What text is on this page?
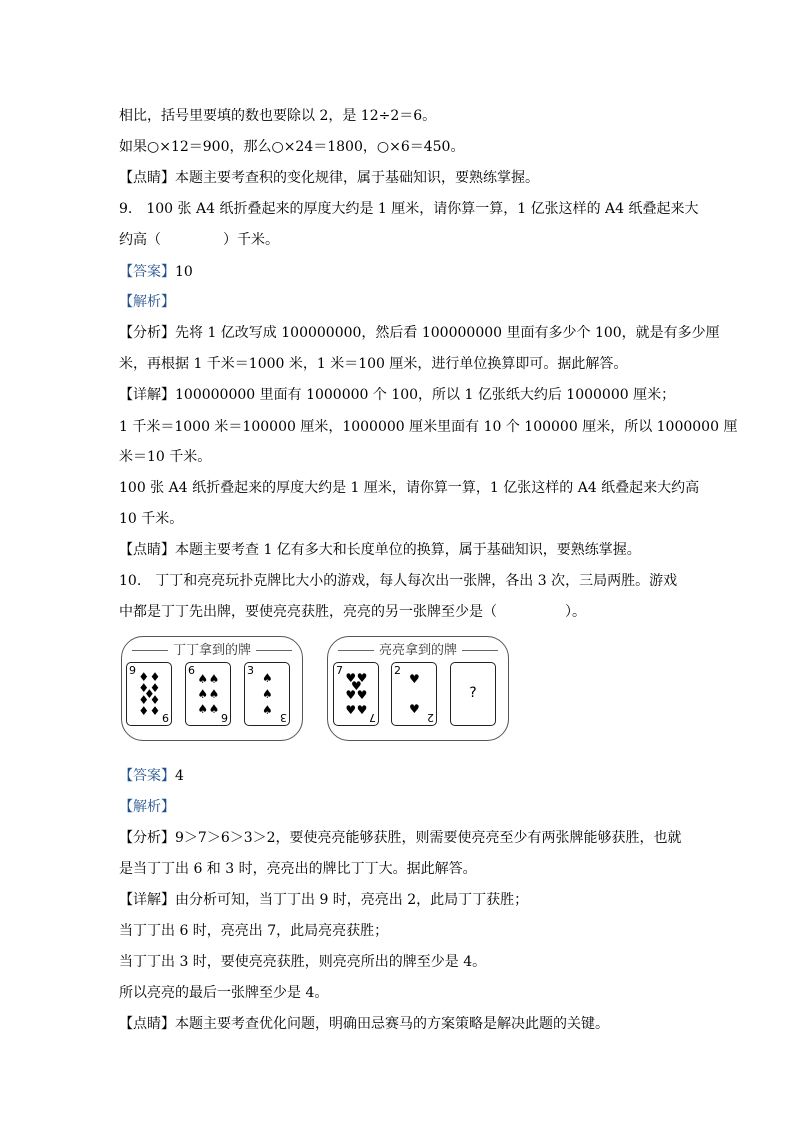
相比，括号里要填的数也要除以 2，是 12÷2＝6。

如果○×12＝900，那么○×24＝1800，○×6＝450。

【点睛】本题主要考查积的变化规律，属于基础知识，要熟练掌握。

9.　100 张 A4 纸折叠起来的厚度大约是 1 厘米，请你算一算，1 亿张这样的 A4 纸叠起来大

约高（	）千米。

【答案】10

【解析】

【分析】先将 1 亿改写成 100000000，然后看 100000000 里面有多少个 100，就是有多少厘

米，再根据 1 千米＝1000 米，1 米＝100 厘米，进行单位换算即可。据此解答。

【详解】100000000 里面有 1000000 个 100，所以 1 亿张纸大约后 1000000 厘米；

1 千米＝1000 米＝100000 厘米，1000000 厘米里面有 10 个 100000 厘米，所以 1000000 厘

米＝10 千米。

100 张 A4 纸折叠起来的厚度大约是 1 厘米，请你算一算，1 亿张这样的 A4 纸叠起来大约高

10 千米。

【点睛】本题主要考查 1 亿有多大和长度单位的换算，属于基础知识，要熟练掌握。

10.　丁丁和亮亮玩扑克牌比大小的游戏，每人每次出一张牌，各出 3 次，三局两胜。游戏

中都是丁丁先出牌，要使亮亮获胜，亮亮的另一张牌至少是（	）。

【答案】4

【解析】

【分析】9＞7＞6＞3＞2，要使亮亮能够获胜，则需要使亮亮至少有两张牌能够获胜，也就

是当丁丁出 6 和 3 时，亮亮出的牌比丁丁大。据此解答。

【详解】由分析可知，当丁丁出 9 时，亮亮出 2，此局丁丁获胜；

当丁丁出 6 时，亮亮出 7，此局亮亮获胜；

当丁丁出 3 时，要使亮亮获胜，则亮亮所出的牌至少是 4。

所以亮亮的最后一张牌至少是 4。

【点睛】本题主要考查优化问题，明确田忌赛马的方案策略是解决此题的关键。

丁丁拿到的牌	亮亮拿到的牌
9
9
♦ ♦
♦ ♦
♦
♦ ♦
♦ ♦
6
6
♠ ♠
♠ ♠
♠ ♠
3
3
♠
♠
♠
7
7
♥ ♥
♥
♥ ♥
♥ ♥
2
2
♥
♥
?
